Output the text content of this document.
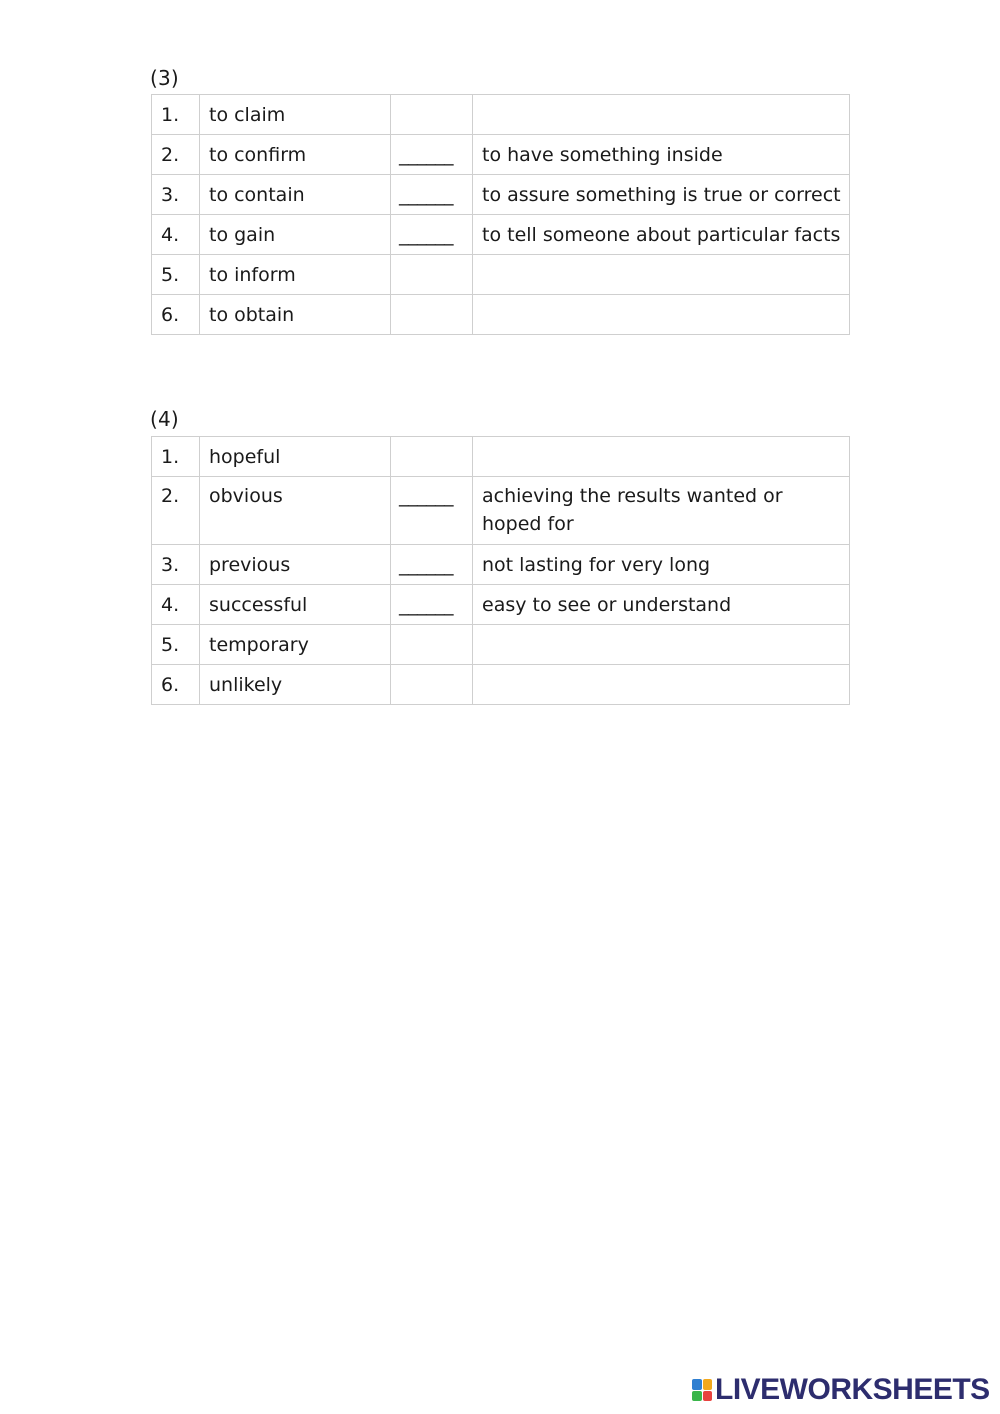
(3)
1.	to claim		
2.	to confirm	______	to have something inside
3.	to contain	______	to assure something is true or correct
4.	to gain	______	to tell someone about particular facts
5.	to inform		
6.	to obtain		
(4)
1.	hopeful		
2.	obvious	______	achieving the results wanted or hoped for
3.	previous	______	not lasting for very long
4.	successful	______	easy to see or understand
5.	temporary		
6.	unlikely		
LIVEWORKSHEETS
